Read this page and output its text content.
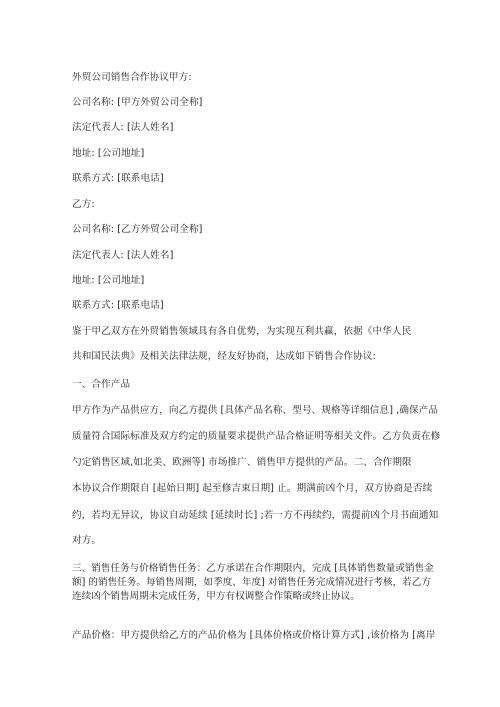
外贸公司销售合作协议甲方:
公司名称: [甲方外贸公司全称]
法定代表人: [法人姓名]
地址: [公司地址]
联系方式: [联系电话]
乙方:
公司名称: [乙方外贸公司全称]
法定代表人: [法人姓名]
地址: [公司地址]
联系方式: [联系电话]
鉴于甲乙双方在外贸销售领域具有各自优势，为实现互利共赢，依据《中华人民
共和国民法典》及相关法律法规，经友好协商，达成如下销售合作协议:
一、合作产品
甲方作为产品供应方，向乙方提供 [具体产品名称、型号、规格等详细信息] ,确保产品
质量符合国际标准及双方约定的质量要求提供产品合格证明等相关文件。乙方负责在修
勺定销售区域,如北美、欧洲等] 市场推广、销售甲方提供的产品。二、合作期限
本协议合作期限自 [起始日期] 起至修吉束日期] 止。期满前凶个月，双方协商是否续
约，若均无异议，协议自动延续 [延续时长] ;若一方不再续约，需提前凶个月书面通知
对方。
三、销售任务与价格销售任务：乙方承诺在合作期限内，完成 [具体销售数量或销售金额] 的销售任务。每销售周期，如季度、年度] 对销售任务完成情况进行考核，若乙方连续凶个销售周期未完成任务，甲方有权调整合作策略或终止协议。
产品价格：甲方提供给乙方的产品价格为 [具体价格或价格计算方式] ,该价格为 [离岸
